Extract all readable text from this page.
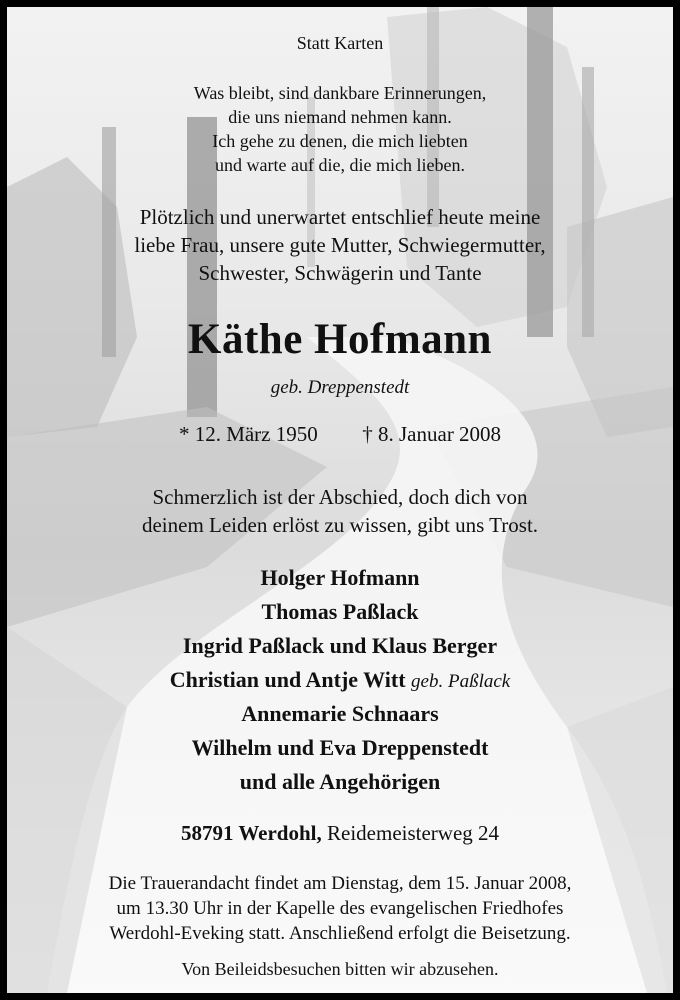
Statt Karten
Was bleibt, sind dankbare Erinnerungen,
die uns niemand nehmen kann.
Ich gehe zu denen, die mich liebten
und warte auf die, die mich lieben.
Plötzlich und unerwartet entschlief heute meine
liebe Frau, unsere gute Mutter, Schwiegermutter,
Schwester, Schwägerin und Tante
Käthe Hofmann
geb. Dreppenstedt
* 12. März 1950 † 8. Januar 2008
Schmerzlich ist der Abschied, doch dich von
deinem Leiden erlöst zu wissen, gibt uns Trost.
Holger Hofmann
Thomas Paßlack
Ingrid Paßlack und Klaus Berger
Christian und Antje Witt geb. Paßlack
Annemarie Schnaars
Wilhelm und Eva Dreppenstedt
und alle Angehörigen
58791 Werdohl, Reidemeisterweg 24
Die Trauerandacht findet am Dienstag, dem 15. Januar 2008,
um 13.30 Uhr in der Kapelle des evangelischen Friedhofes
Werdohl-Eveking statt. Anschließend erfolgt die Beisetzung.
Von Beileidsbesuchen bitten wir abzusehen.
